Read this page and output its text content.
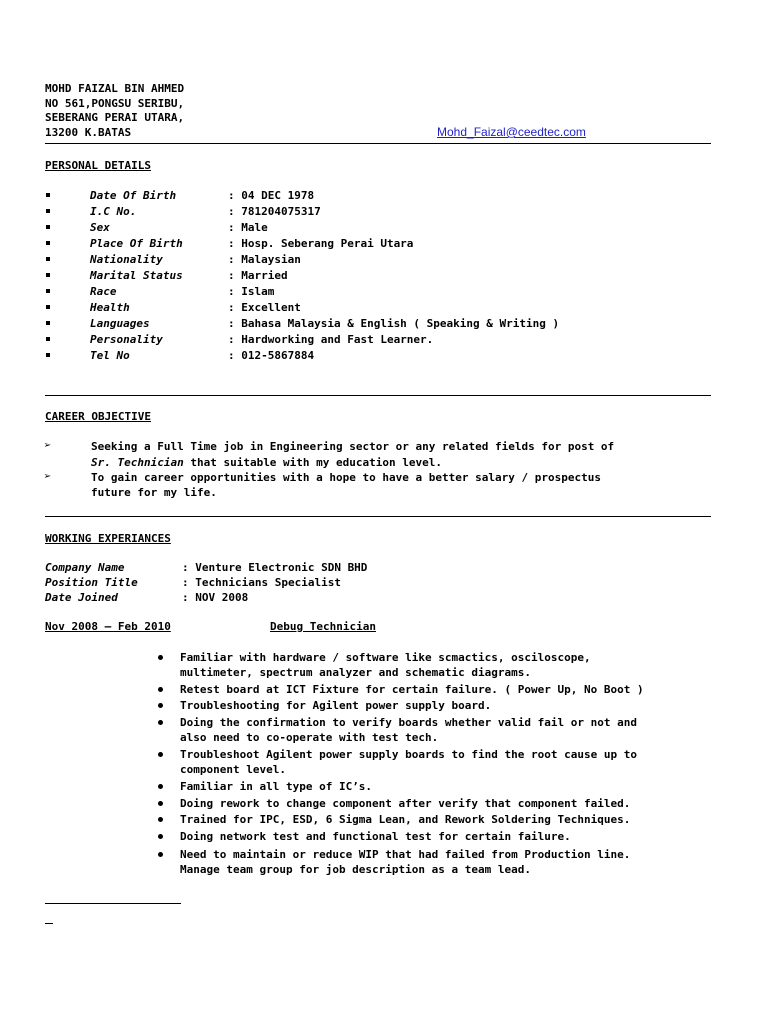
MOHD FAIZAL BIN AHMED
NO 561,PONGSU SERIBU,
SEBERANG PERAI UTARA,
13200 K.BATAS	Mohd_Faizal@ceedtec.com
PERSONAL DETAILS
Date Of Birth	: 04 DEC 1978
I.C No.	: 781204075317
Sex	: Male
Place Of Birth	: Hosp. Seberang Perai Utara
Nationality	: Malaysian
Marital Status	: Married
Race	: Islam
Health	: Excellent
Languages	: Bahasa Malaysia & English ( Speaking & Writing )
Personality	: Hardworking and Fast Learner.
Tel No	: 012-5867884
CAREER OBJECTIVE
➢	Seeking a Full Time job in Engineering sector or any related fields for post of
Sr. Technician that suitable with my education level.
➢	To gain career opportunities with a hope to have a better salary / prospectus
future for my life.
WORKING EXPERIANCES
Company Name	: Venture Electronic SDN BHD
Position Title	: Technicians Specialist
Date Joined	: NOV 2008
Nov 2008 – Feb 2010	Debug Technician
Familiar with hardware / software like scmactics, osciloscope,
multimeter, spectrum analyzer and schematic diagrams.
Retest board at ICT Fixture for certain failure. ( Power Up, No Boot )
Troubleshooting for Agilent power supply board.
Doing the confirmation to verify boards whether valid fail or not and
also need to co-operate with test tech.
Troubleshoot Agilent power supply boards to find the root cause up to
component level.
Familiar in all type of IC’s.
Doing rework to change component after verify that component failed.
Trained for IPC, ESD, 6 Sigma Lean, and Rework Soldering Techniques.
Doing network test and functional test for certain failure.
Need to maintain or reduce WIP that had failed from Production line.
Manage team group for job description as a team lead.
